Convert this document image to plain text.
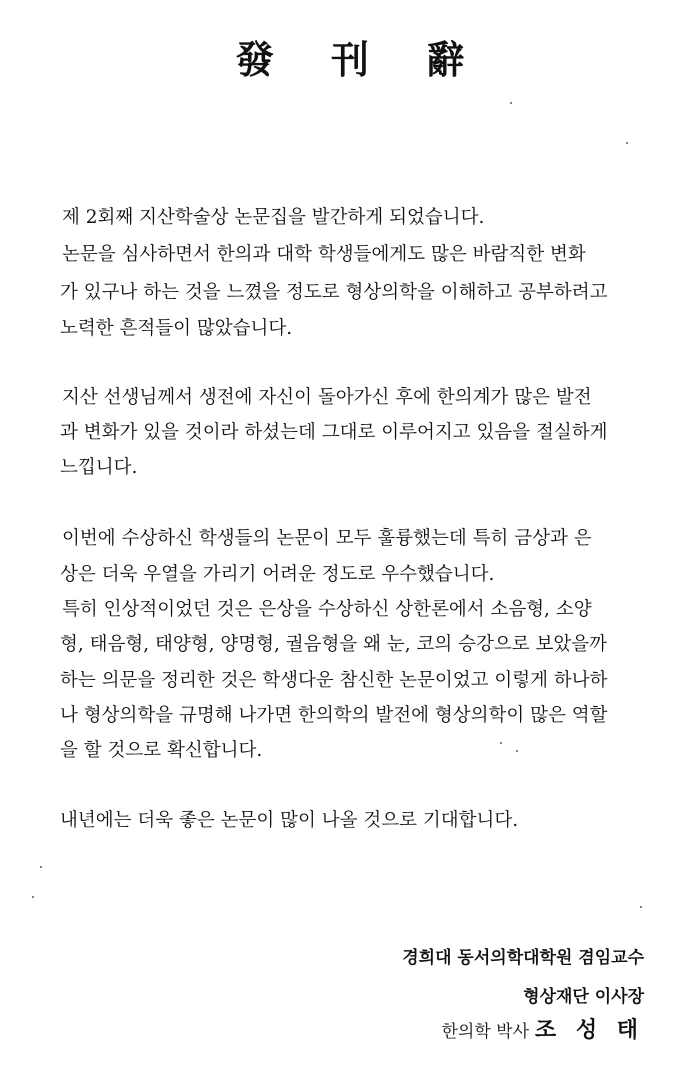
發 刊 辭
제 2회째 지산학술상 논문집을 발간하게 되었습니다.
논문을 심사하면서 한의과 대학 학생들에게도 많은 바람직한 변화
가 있구나 하는 것을 느꼈을 정도로 형상의학을 이해하고 공부하려고
노력한 흔적들이 많았습니다.
지산 선생님께서 생전에 자신이 돌아가신 후에 한의계가 많은 발전
과 변화가 있을 것이라 하셨는데 그대로 이루어지고 있음을 절실하게
느낍니다.
이번에 수상하신 학생들의 논문이 모두 훌륭했는데 특히 금상과 은
상은 더욱 우열을 가리기 어려운 정도로 우수했습니다.
특히 인상적이었던 것은 은상을 수상하신 상한론에서 소음형, 소양
형, 태음형, 태양형, 양명형, 궐음형을 왜 눈, 코의 승강으로 보았을까
하는 의문을 정리한 것은 학생다운 참신한 논문이었고 이렇게 하나하
나 형상의학을 규명해 나가면 한의학의 발전에 형상의학이 많은 역할
을 할 것으로 확신합니다.
내년에는 더욱 좋은 논문이 많이 나올 것으로 기대합니다.
경희대 동서의학대학원 겸임교수
형상재단 이사장
한의학 박사 조 성 태
